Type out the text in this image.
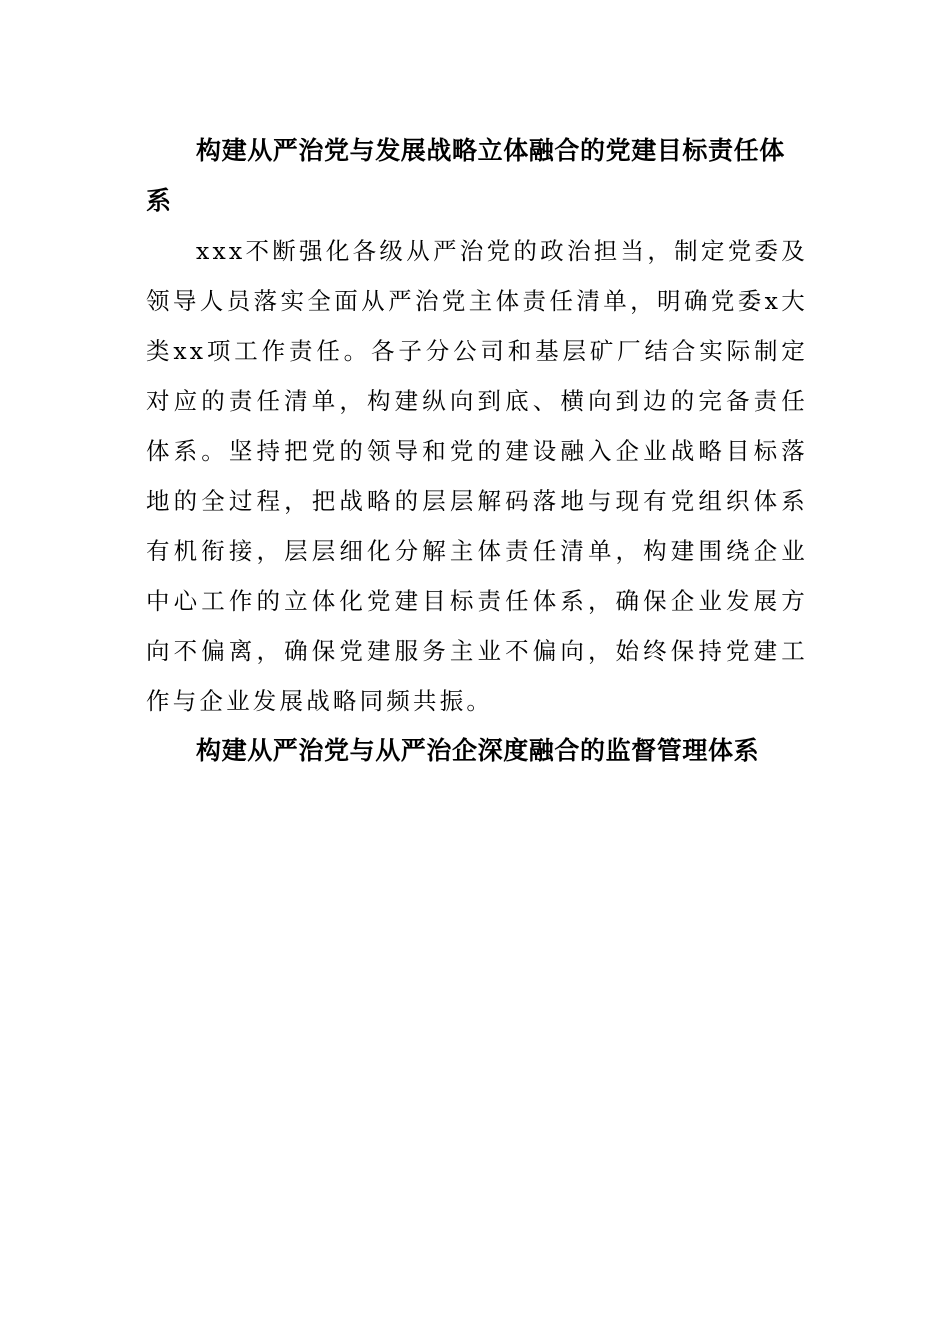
构建从严治党与发展战略立体融合的党建目标责任体系

xxx不断强化各级从严治党的政治担当，制定党委及领导人员落实全面从严治党主体责任清单，明确党委x大类xx项工作责任。各子分公司和基层矿厂结合实际制定对应的责任清单，构建纵向到底、横向到边的完备责任体系。坚持把党的领导和党的建设融入企业战略目标落地的全过程，把战略的层层解码落地与现有党组织体系有机衔接，层层细化分解主体责任清单，构建围绕企业中心工作的立体化党建目标责任体系，确保企业发展方向不偏离，确保党建服务主业不偏向，始终保持党建工作与企业发展战略同频共振。

构建从严治党与从严治企深度融合的监督管理体系
